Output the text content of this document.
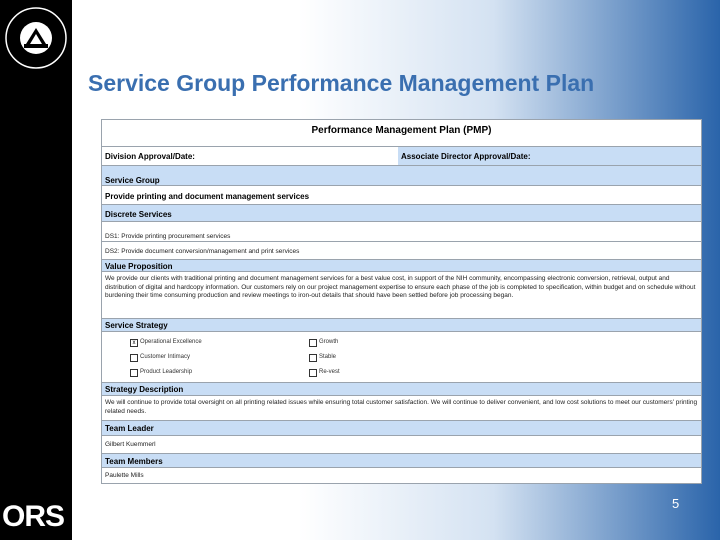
ORS
Service Group Performance Management Plan
Performance Management Plan (PMP)
Division Approval/Date:	Associate Director Approval/Date:
Service Group
Provide printing and document management services
Discrete Services
DS1: Provide printing procurement services
DS2: Provide document conversion/management and print services
Value Proposition
We provide our clients with traditional printing and document management services for a best value cost, in support of the NIH community, encompassing electronic conversion, retrieval, output and distribution of digital and hardcopy information. Our customers rely on our project management expertise to ensure each phase of the job is completed to specification, within budget and on schedule without burdening their time consuming production and review meetings to iron-out details that should have been settled before job processing began.
Service Strategy
x Operational Excellence	Growth
Customer Intimacy	Stable
Product Leadership	Re-vest
Strategy Description
We will continue to provide total oversight on all printing related issues while ensuring total customer satisfaction. We will continue to deliver convenient, and low cost solutions to meet our customers' printing related needs.
Team Leader
Gilbert Kuemmerl
Team Members
Paulette Mills
5
